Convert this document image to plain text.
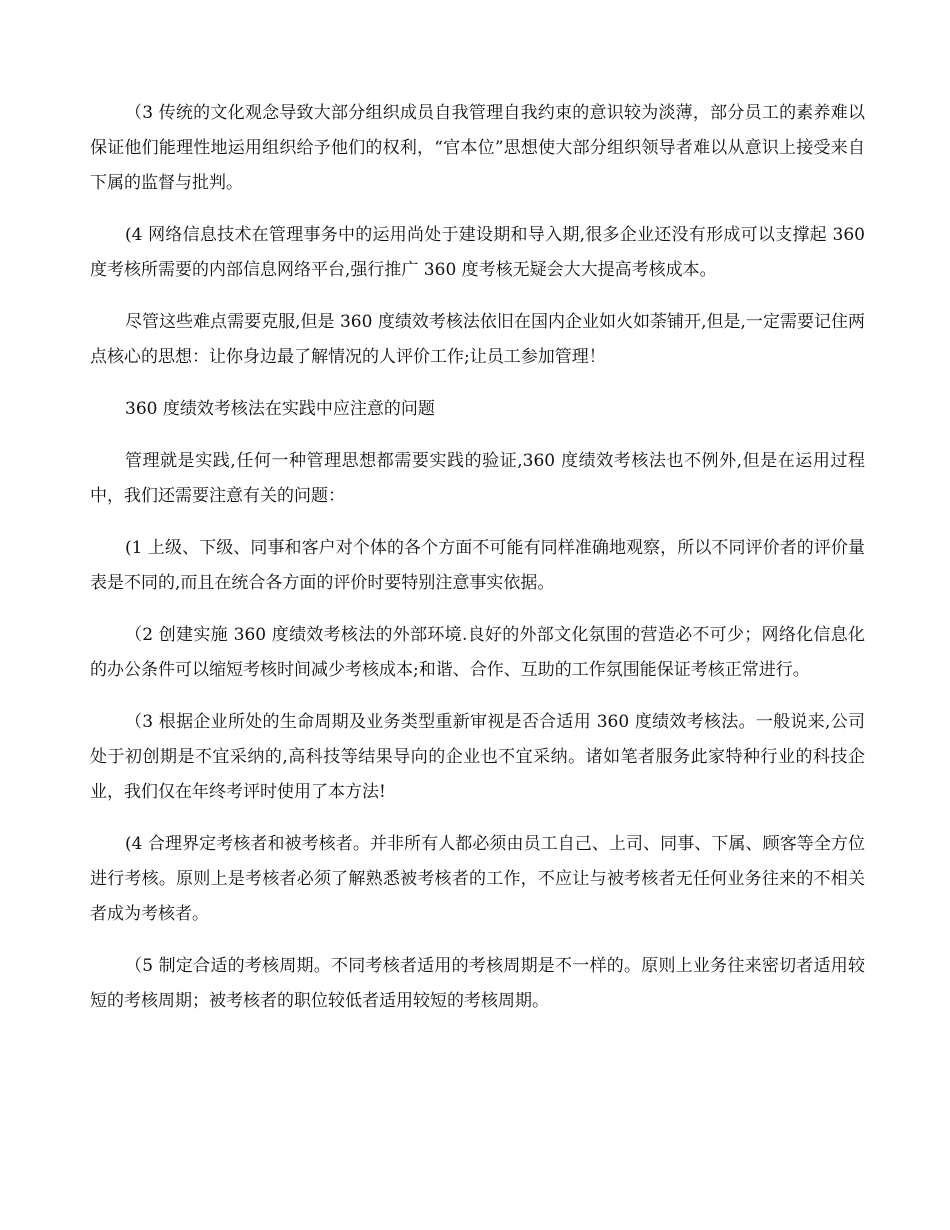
（3 传统的文化观念导致大部分组织成员自我管理自我约束的意识较为淡薄，部分员工的素养难以保证他们能理性地运用组织给予他们的权利，“官本位”思想使大部分组织领导者难以从意识上接受来自下属的监督与批判。

(4 网络信息技术在管理事务中的运用尚处于建设期和导入期,很多企业还没有形成可以支撑起 360 度考核所需要的内部信息网络平台,强行推广 360 度考核无疑会大大提高考核成本。

尽管这些难点需要克服,但是 360 度绩效考核法依旧在国内企业如火如荼铺开,但是,一定需要记住两点核心的思想：让你身边最了解情况的人评价工作;让员工参加管理！

360 度绩效考核法在实践中应注意的问题

管理就是实践,任何一种管理思想都需要实践的验证,360 度绩效考核法也不例外,但是在运用过程中，我们还需要注意有关的问题：

(1 上级、下级、同事和客户对个体的各个方面不可能有同样准确地观察，所以不同评价者的评价量表是不同的,而且在统合各方面的评价时要特别注意事实依据。

（2 创建实施 360 度绩效考核法的外部环境.良好的外部文化氛围的营造必不可少；网络化信息化的办公条件可以缩短考核时间减少考核成本;和谐、合作、互助的工作氛围能保证考核正常进行。

（3 根据企业所处的生命周期及业务类型重新审视是否合适用 360 度绩效考核法。一般说来,公司处于初创期是不宜采纳的,高科技等结果导向的企业也不宜采纳。诸如笔者服务此家特种行业的科技企业，我们仅在年终考评时使用了本方法!

(4 合理界定考核者和被考核者。并非所有人都必须由员工自己、上司、同事、下属、顾客等全方位进行考核。原则上是考核者必须了解熟悉被考核者的工作，不应让与被考核者无任何业务往来的不相关者成为考核者。

（5 制定合适的考核周期。不同考核者适用的考核周期是不一样的。原则上业务往来密切者适用较短的考核周期；被考核者的职位较低者适用较短的考核周期。
